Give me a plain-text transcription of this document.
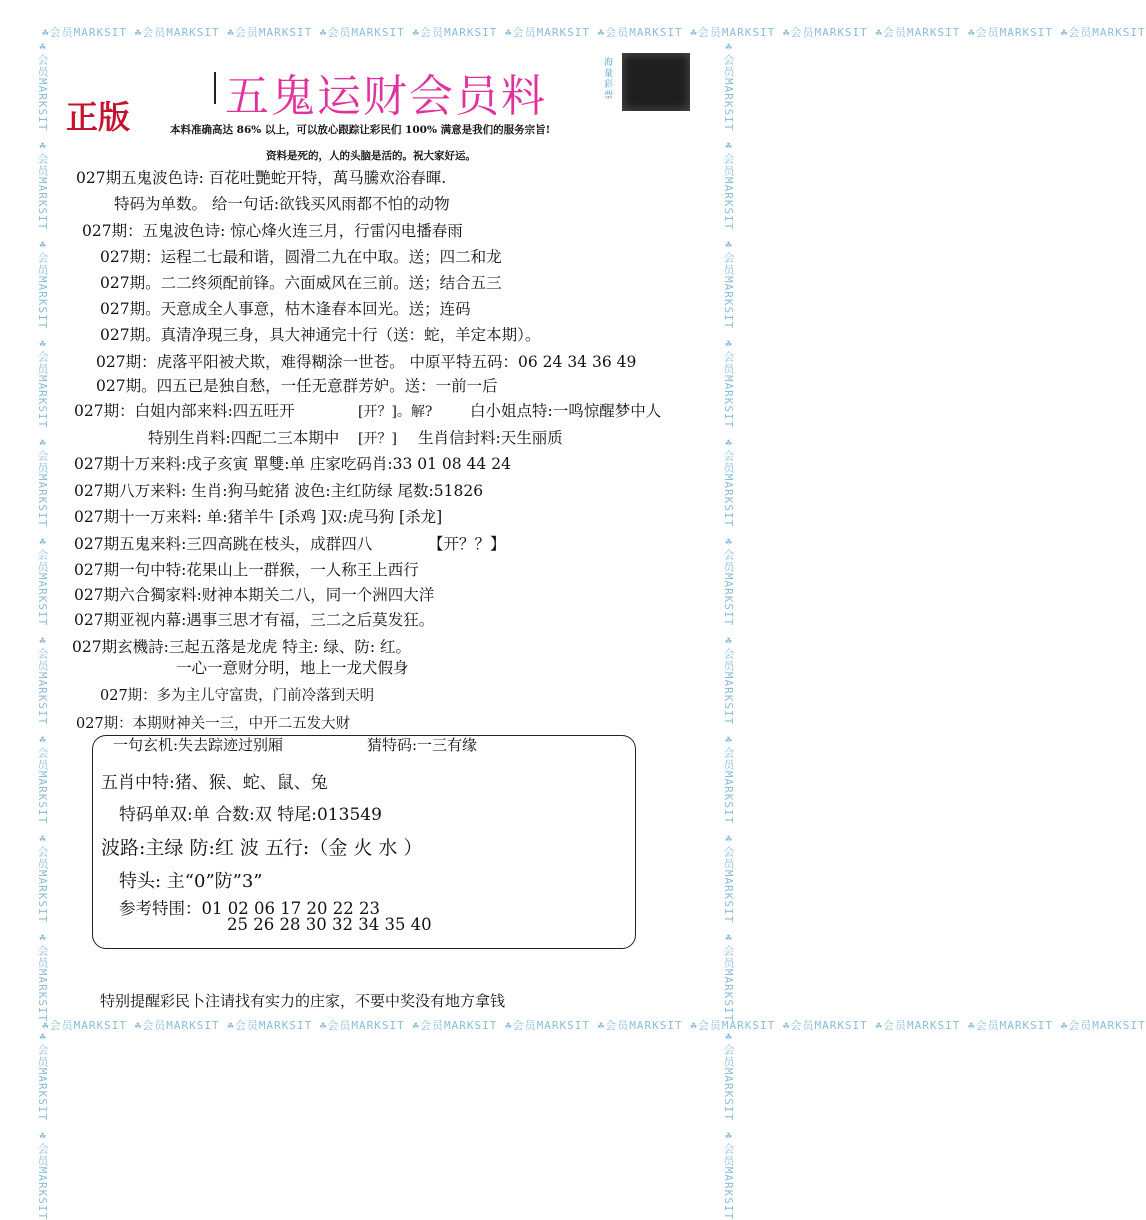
☘会员MARKSIT ☘会员MARKSIT ☘会员MARKSIT ☘会员MARKSIT ☘会员MARKSIT ☘会员MARKSIT ☘会员MARKSIT ☘会员MARKSIT ☘会员MARKSIT ☘会员MARKSIT ☘会员MARKSIT ☘会员MARKSIT
☘会员MARKSIT ☘会员MARKSIT ☘会员MARKSIT ☘会员MARKSIT ☘会员MARKSIT ☘会员MARKSIT ☘会员MARKSIT ☘会员MARKSIT ☘会员MARKSIT ☘会员MARKSIT ☘会员MARKSIT ☘会员MARKSIT
☘会员MARKSIT ☘会员MARKSIT ☘会员MARKSIT ☘会员MARKSIT ☘会员MARKSIT ☘会员MARKSIT ☘会员MARKSIT ☘会员MARKSIT ☘会员MARKSIT ☘会员MARKSIT ☘会员MARKSIT ☘会员MARKSIT	☘会员MARKSIT ☘会员MARKSIT ☘会员MARKSIT ☘会员MARKSIT ☘会员MARKSIT ☘会员MARKSIT ☘会员MARKSIT ☘会员MARKSIT ☘会员MARKSIT ☘会员MARKSIT ☘会员MARKSIT ☘会员MARKSIT
五鬼运财会员料
正版	本料准确高达 86% 以上，可以放心跟踪让彩民们 100% 满意是我们的服务宗旨!
资料是死的，人的头脑是活的。祝大家好运。
海量彩票
027期五鬼波色诗: 百花吐艷蛇开特，萬马騰欢浴春暉.
特码为单数。 给一句话:欲钱买风雨都不怕的动物
027期：五鬼波色诗: 惊心烽火连三月，行雷闪电播春雨
027期：运程二七最和谐，圆滑二九在中取。送；四二和龙
027期。二二终须配前锋。六面威风在三前。送；结合五三
027期。天意成全人事意，枯木逢春本回光。送；连码
027期。真清净現三身，具大神通完十行（送：蛇，羊定本期）。
027期：虎落平阳被犬欺，难得糊涂一世苍。 中原平特五码：06 24 34 36 49
027期。四五已是独自愁，一任无意群芳妒。送：一前一后
027期：白姐内部来料:四五旺开	[开？]。解? 白小姐点特:一鸣惊醒梦中人
特别生肖料:四配二三本期中 [开？] 生肖信封料:天生丽质
027期十万来料:戌子亥寅 單雙:单 庄家吃码肖:33 01 08 44 24
027期八万来料: 生肖:狗马蛇猪 波色:主红防绿 尾数:51826
027期十一万来料: 单:猪羊牛 [杀鸡 ]双:虎马狗 [杀龙]
027期五鬼来料:三四高跳在枝头，成群四八	【开？？】
027期一句中特:花果山上一群猴，一人称王上西行
027期六合獨家料:财神本期关二八，同一个洲四大洋
027期亚视内幕:遇事三思才有福，三二之后莫发狂。
027期玄機詩:三起五落是龙虎 特主: 绿、防: 红。
一心一意财分明，地上一龙犬假身
027期：多为主儿守富贵，门前冷落到天明
027期：本期财神关一三，中开二五发大财
一句玄机:失去踪迹过别厢	猜特码:一三有缘
五肖中特:猪、猴、蛇、鼠、兔
特码单双:单 合数:双 特尾:013549
波路:主绿 防:红 波 五行:（金 火 水 ）
特头: 主“0”防”3”
参考特围：01 02 06 17 20 22 23
25 26 28 30 32 34 35 40
特别提醒彩民卜注请找有实力的庄家，不要中奖没有地方拿钱
